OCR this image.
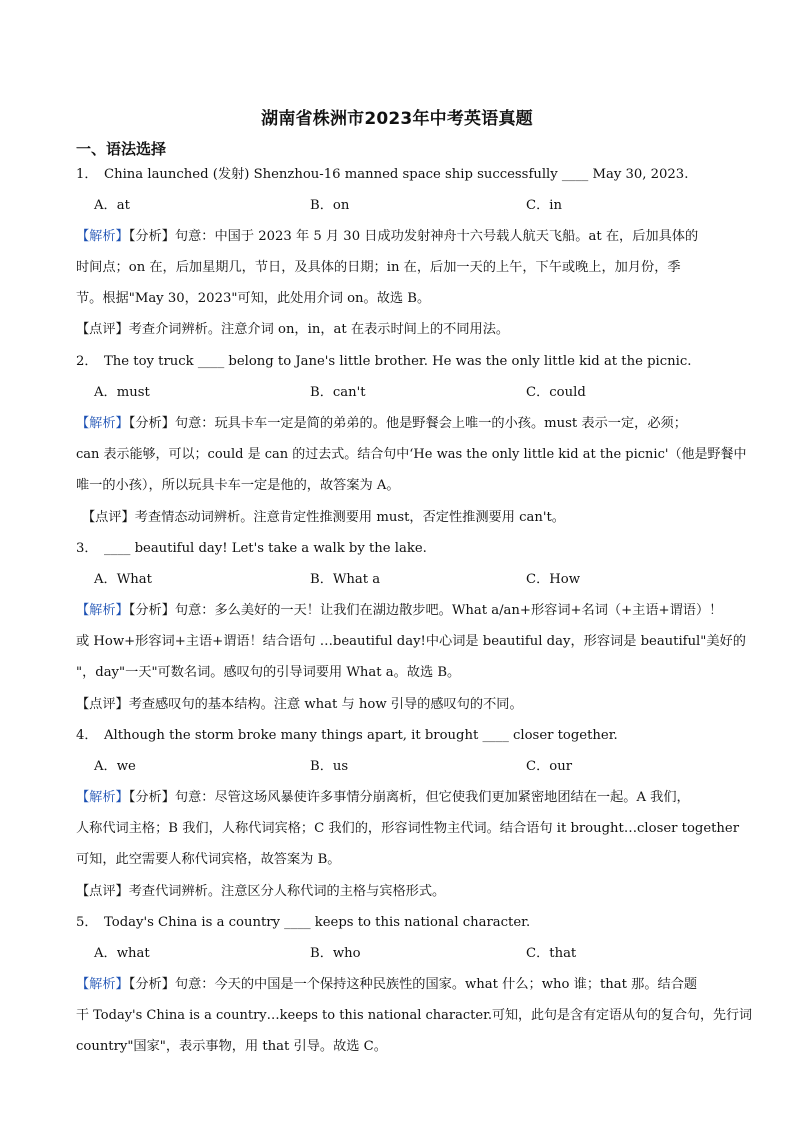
湖南省株洲市2023年中考英语真题
一、语法选择
1． China launched (发射) Shenzhou-16 manned space ship successfully ____ May 30, 2023.
A．at	B．on	C．in
【解析】【分析】句意：中国于 2023 年 5 月 30 日成功发射神舟十六号载人航天飞船。at 在，后加具体的
时间点；on 在，后加星期几，节日，及具体的日期；in 在，后加一天的上午，下午或晚上，加月份，季
节。根据"May 30，2023"可知，此处用介词 on。故选 B。
【点评】考查介词辨析。注意介词 on，in，at 在表示时间上的不同用法。
2． The toy truck ____ belong to Jane's little brother. He was the only little kid at the picnic.
A．must	B．can't	C．could
【解析】【分析】句意：玩具卡车一定是简的弟弟的。他是野餐会上唯一的小孩。must 表示一定，必须；
can 表示能够，可以；could 是 can 的过去式。结合句中‘He was the only little kid at the picnic'（他是野餐中
唯一的小孩），所以玩具卡车一定是他的，故答案为 A。
【点评】考查情态动词辨析。注意肯定性推测要用 must，否定性推测要用 can't。
3． ____ beautiful day! Let's take a walk by the lake.
A．What	B．What a	C．How
【解析】【分析】句意：多么美好的一天！让我们在湖边散步吧。What a/an+形容词+名词（+主语+谓语）！
或 How+形容词+主语+谓语！结合语句 …beautiful day!中心词是 beautiful day，形容词是 beautiful"美好的
"，day"一天"可数名词。感叹句的引导词要用 What a。故选 B。
【点评】考查感叹句的基本结构。注意 what 与 how 引导的感叹句的不同。
4． Although the storm broke many things apart, it brought ____ closer together.
A．we	B．us	C．our
【解析】【分析】句意：尽管这场风暴使许多事情分崩离析，但它使我们更加紧密地团结在一起。A 我们，
人称代词主格；B 我们，人称代词宾格；C 我们的，形容词性物主代词。结合语句 it brought…closer together
可知，此空需要人称代词宾格，故答案为 B。
【点评】考查代词辨析。注意区分人称代词的主格与宾格形式。
5． Today's China is a country ____ keeps to this national character.
A．what	B．who	C．that
【解析】【分析】句意：今天的中国是一个保持这种民族性的国家。what 什么；who 谁；that 那。结合题
干 Today's China is a country…keeps to this national character.可知，此句是含有定语从句的复合句，先行词
country"国家"，表示事物，用 that 引导。故选 C。
